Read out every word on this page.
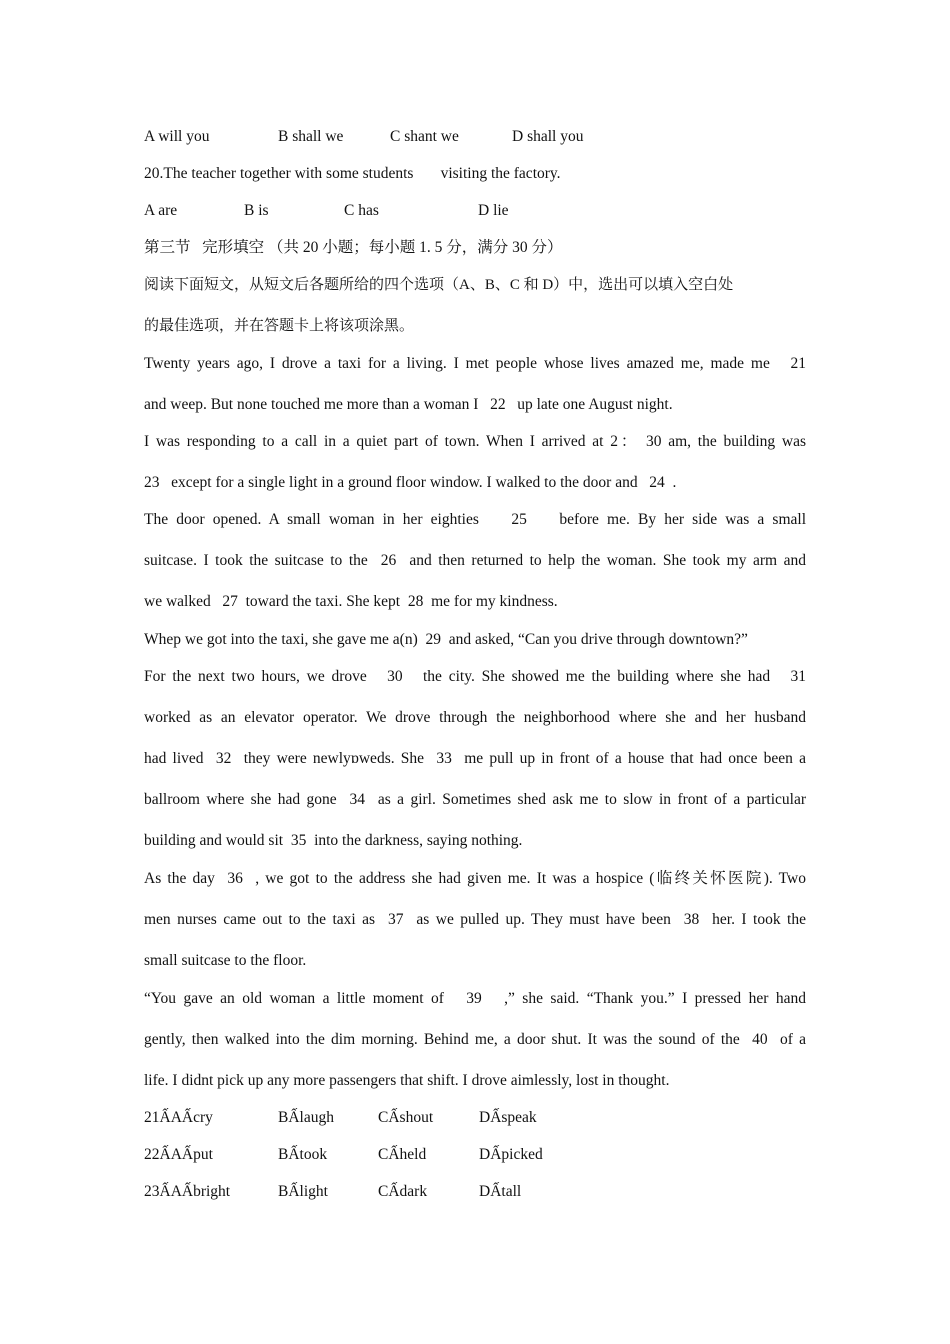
A will you	B shall we	C shant we	D shall you
20.The teacher together with some students       visiting the factory.
A are	B is	C has	D lie
第三节   完形填空 （共 20 小题；每小题 1. 5 分，满分 30 分）
阅读下面短文，从短文后各题所给的四个选项（A、B、C 和 D）中，选出可以填入空白处
的最佳选项，并在答题卡上将该项涂黑。
Twenty years ago, I drove a taxi for a living. I met people whose lives amazed me, made me   21
and weep. But none touched me more than a woman I   22   up late one August night.
I was responding to a call in a quiet part of town. When I arrived at 2： 30 am, the building was
23   except for a single light in a ground floor window. I walked to the door and   24  .
The door opened. A small woman in her eighties    25    before me. By her side was a small
suitcase. I took the suitcase to the  26  and then returned to help the woman. She took my arm and
we walked   27  toward the taxi. She kept  28  me for my kindness.
Whep we got into the taxi, she gave me a(n)  29  and asked, “Can you drive through downtown?”
For the next two hours, we drove   30   the city. She showed me the building where she had   31
worked as an elevator operator. We drove through the neighborhood where she and her husband
had lived  32  they were newlyɒweds. She  33  me pull up in front of a house that had once been a
ballroom where she had gone  34  as a girl. Sometimes shed ask me to slow in front of a particular
building and would sit  35  into the darkness, saying nothing.
As the day  36  , we got to the address she had given me. It was a hospice (临终关怀医院). Two
men nurses came out to the taxi as  37  as we pulled up. They must have been  38  her. I took the
small suitcase to the floor.
“You gave an old woman a little moment of   39   ,” she said. “Thank you.” I pressed her hand
gently, then walked into the dim morning. Behind me, a door shut. It was the sound of the  40  of a
life. I didnt pick up any more passengers that shift. I drove aimlessly, lost in thought.
21ẤAẤcry	BẤlaugh	CẤshout	DẤspeak
22ẤAẤput	BẤtook	CẤheld	DẤpicked
23ẤAẤbright	BẤlight	CẤdark	DẤtall
